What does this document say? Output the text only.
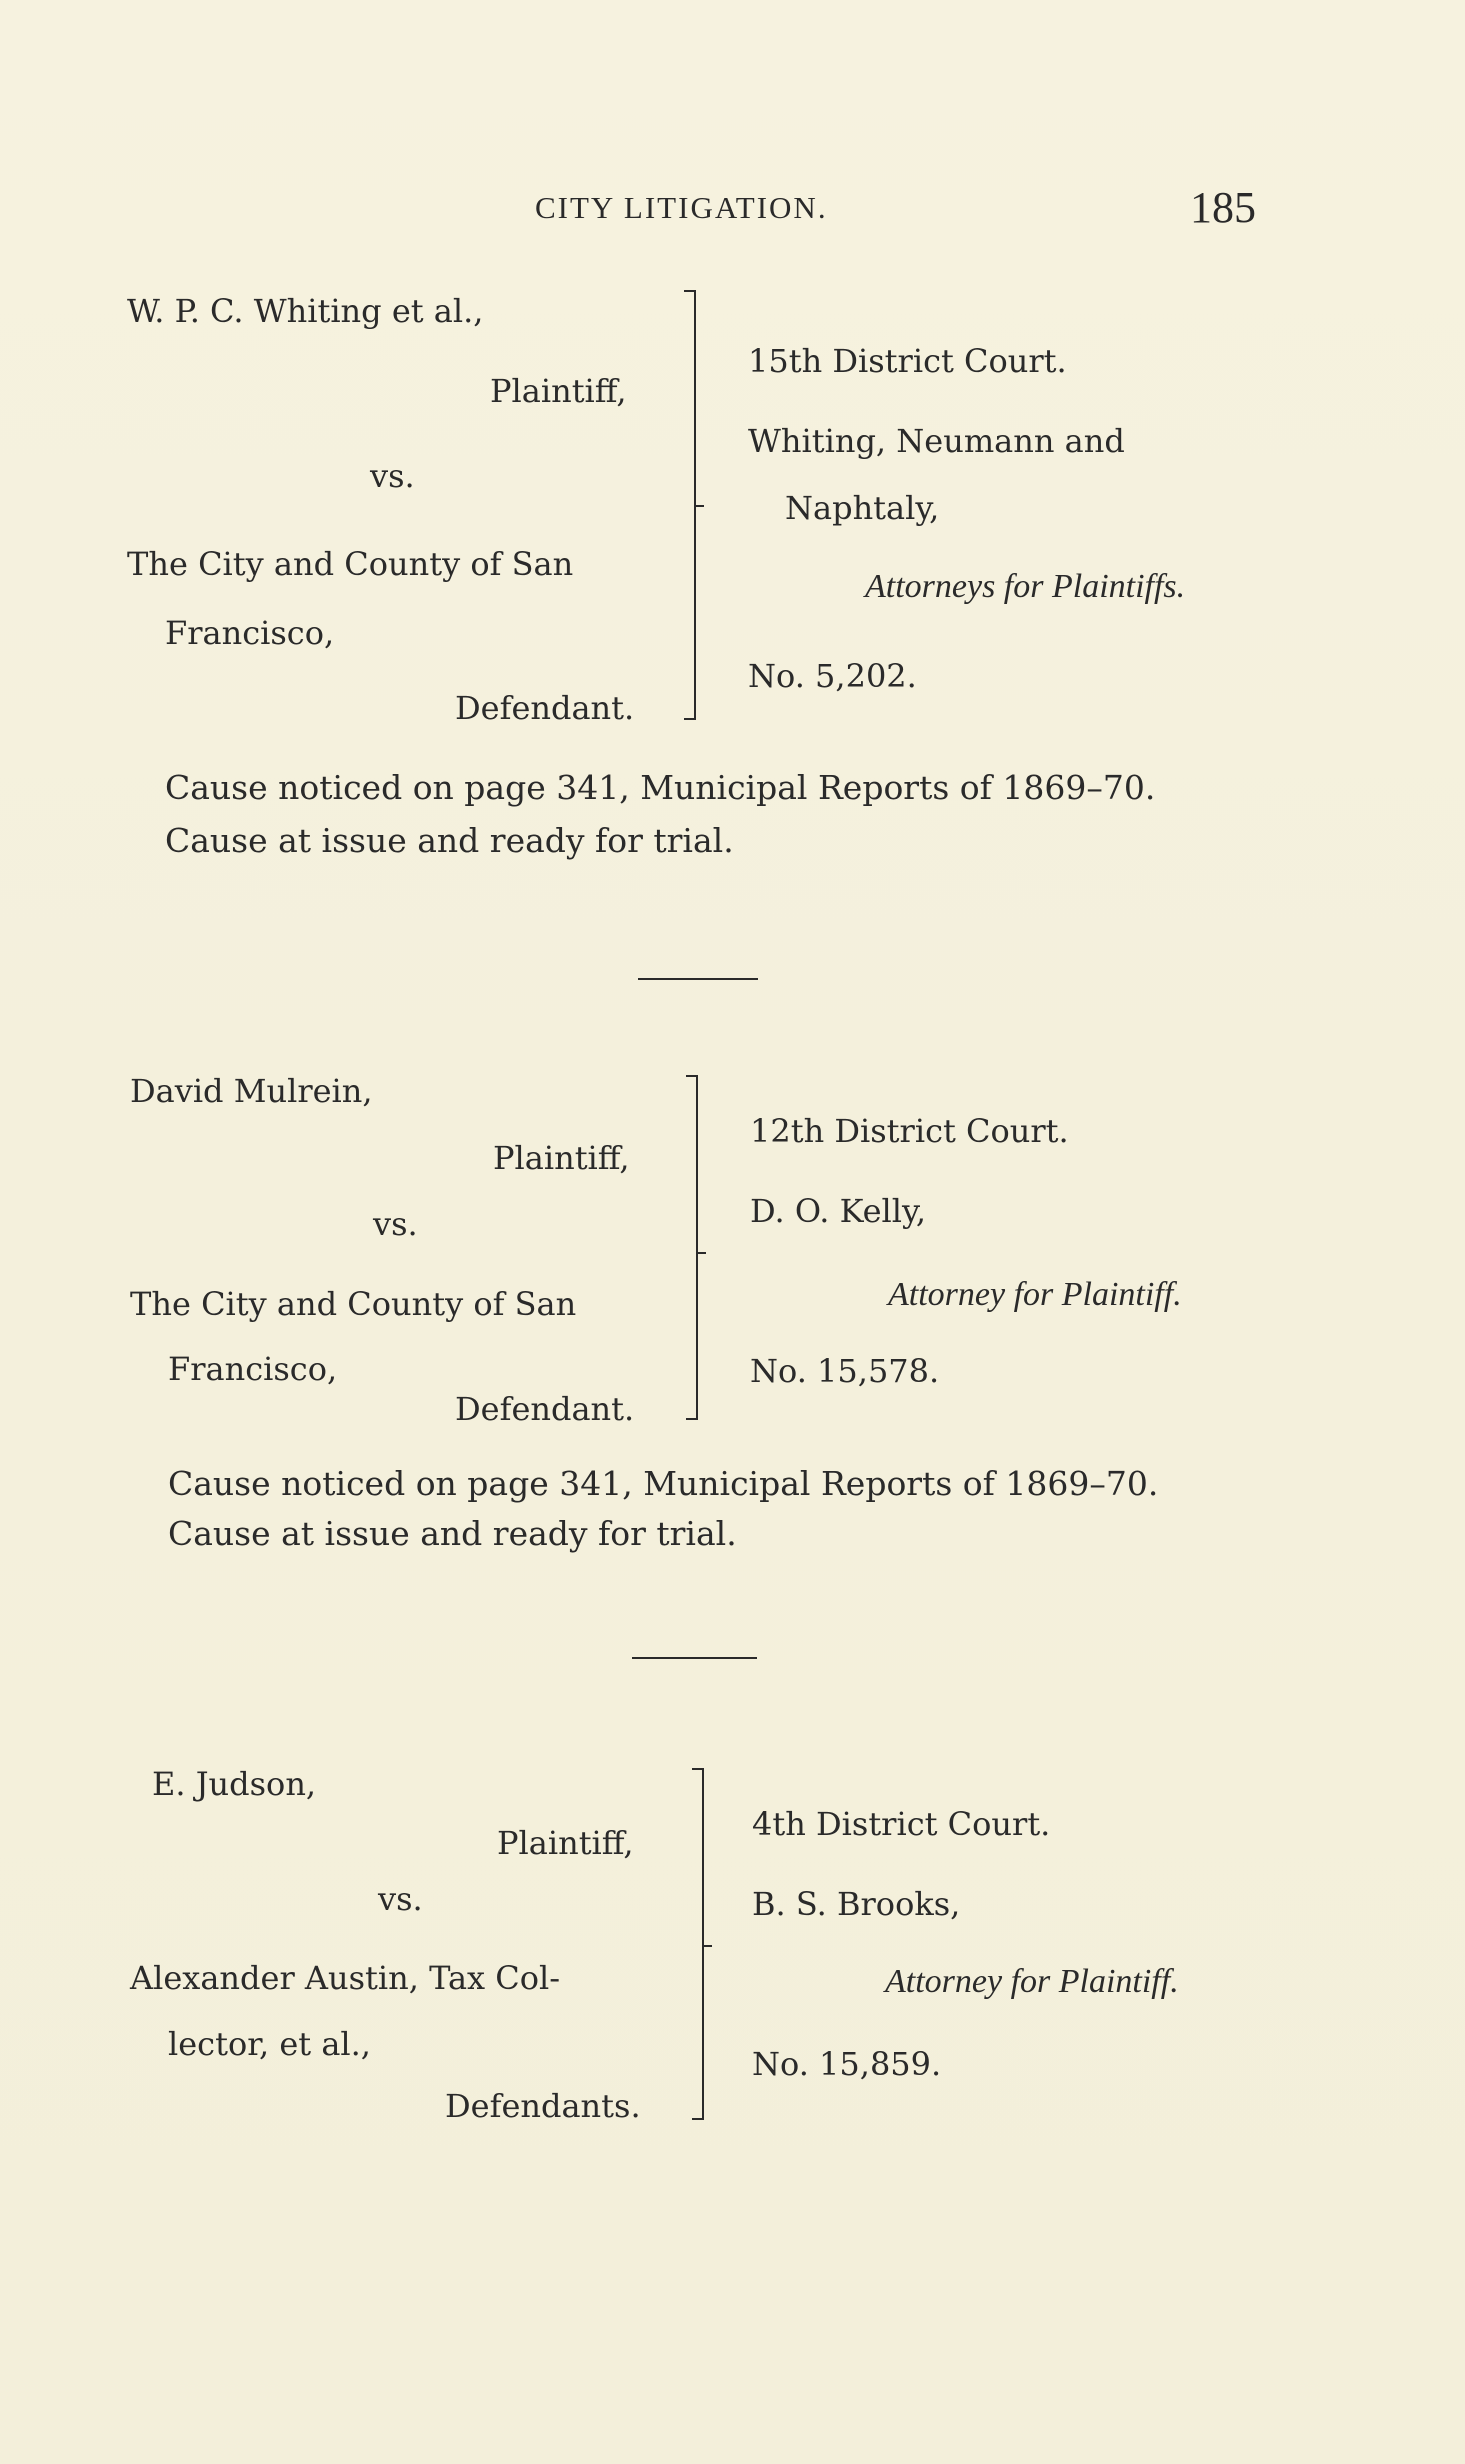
CITY LITIGATION.	185
W. P. C. Whiting et al.,
Plaintiff,
vs.
The City and County of San
Francisco,
Defendant.
15th District Court.
Whiting, Neumann and
Naphtaly,
Attorneys for Plaintiffs.
No. 5,202.
Cause noticed on page 341, Municipal Reports of 1869–70.
Cause at issue and ready for trial.
David Mulrein,
Plaintiff,
vs.
The City and County of San
Francisco,
Defendant.
12th District Court.
D. O. Kelly,
Attorney for Plaintiff.
No. 15,578.
Cause noticed on page 341, Municipal Reports of 1869–70.
Cause at issue and ready for trial.
E. Judson,
Plaintiff,
vs.
Alexander Austin, Tax Col-
lector, et al.,
Defendants.
4th District Court.
B. S. Brooks,
Attorney for Plaintiff.
No. 15,859.
